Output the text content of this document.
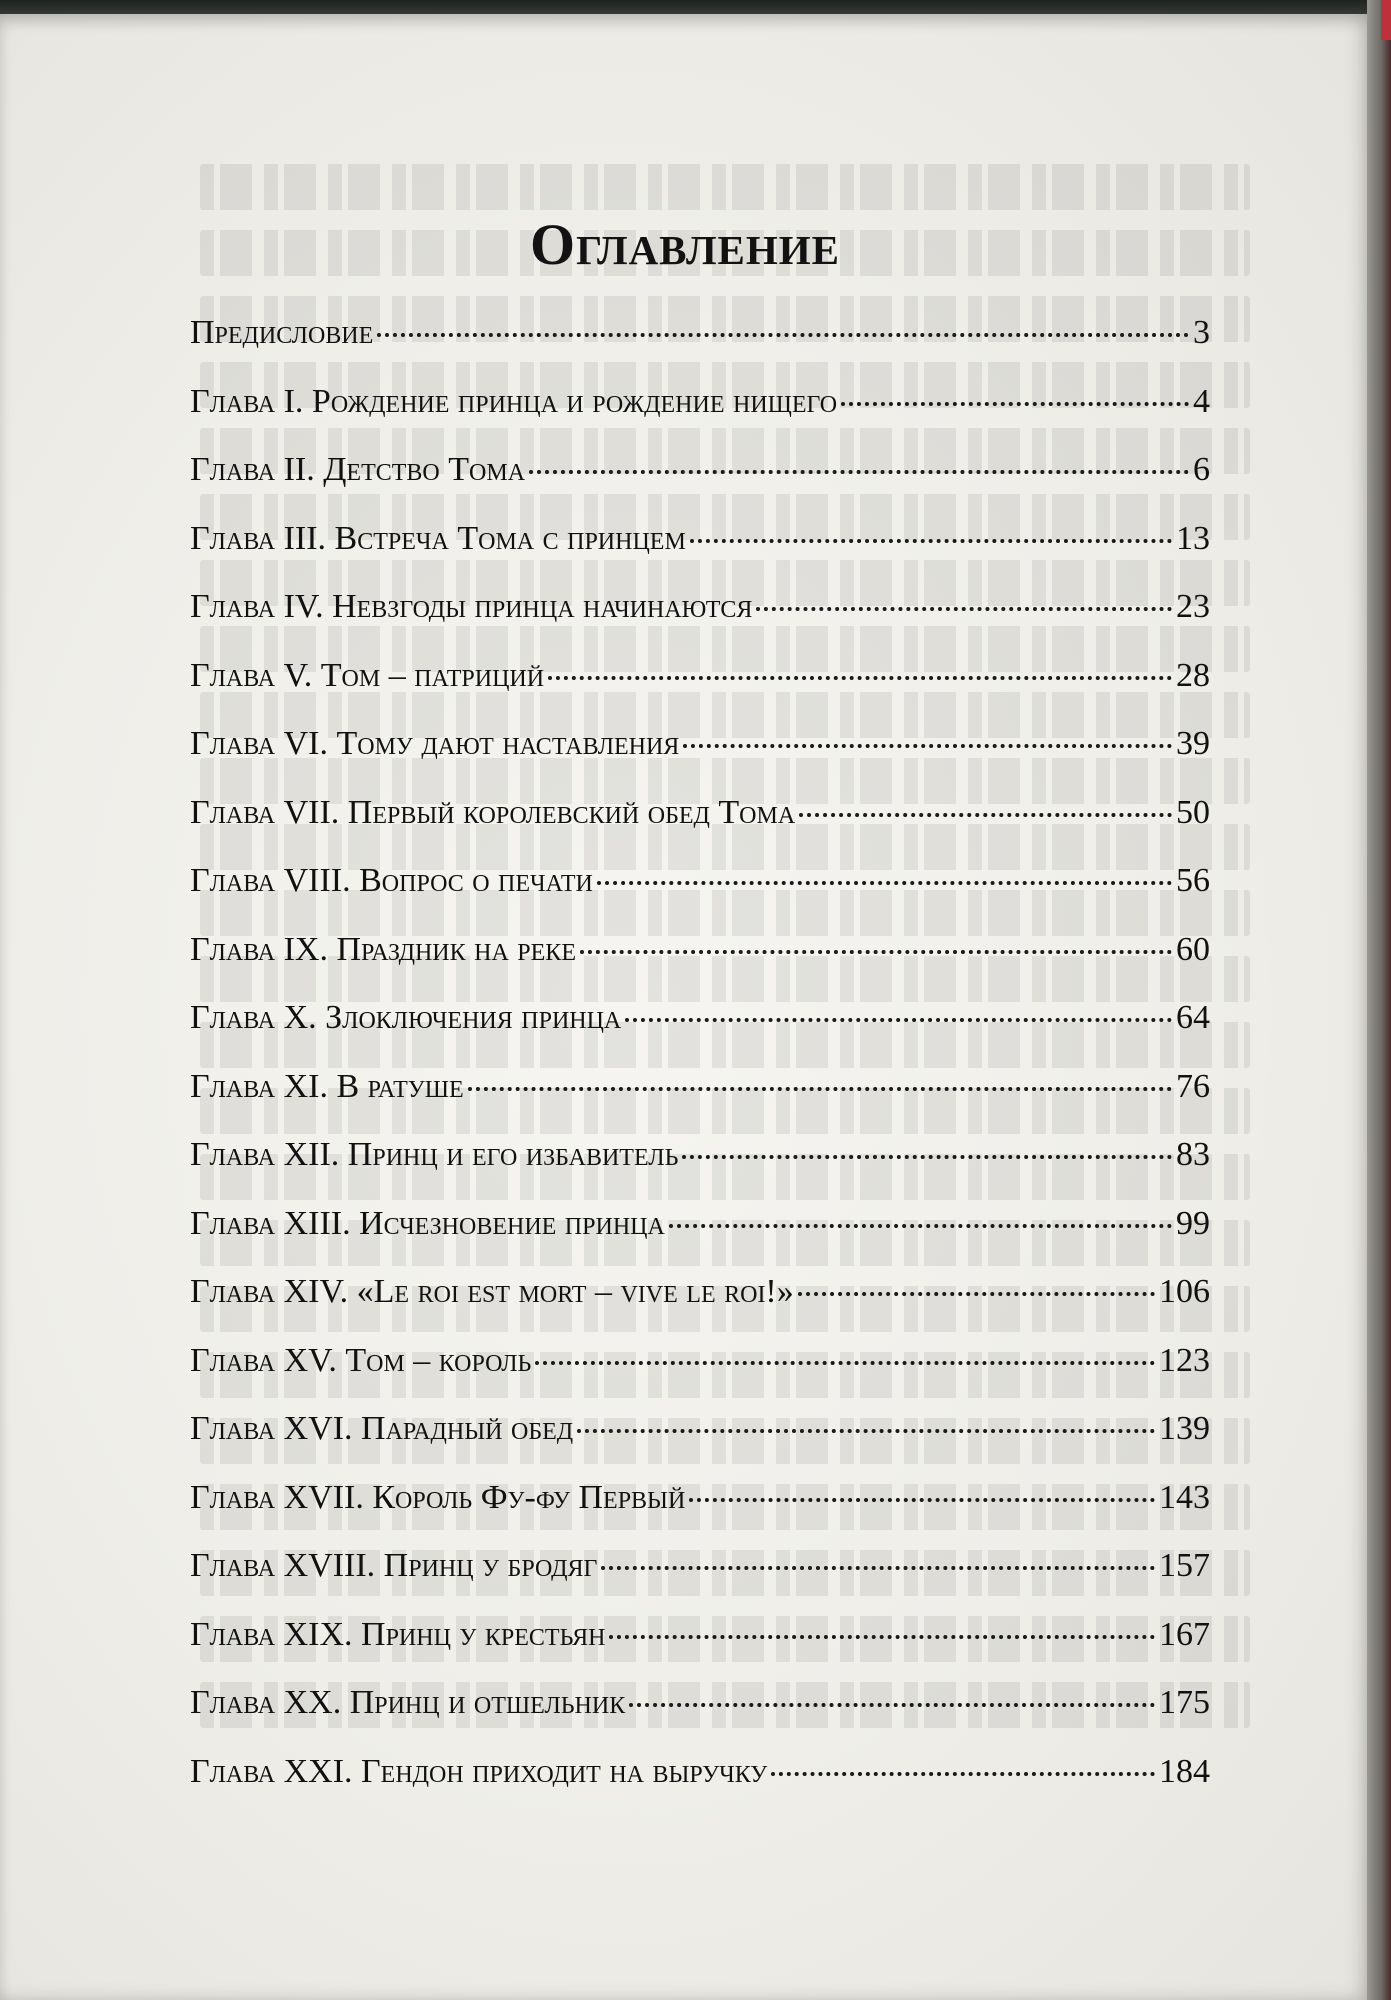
Оглавление
Предисловие	3
Глава I. Рождение принца и рождение нищего	4
Глава II. Детство Тома	6
Глава III. Встреча Тома с принцем	13
Глава IV. Невзгоды принца начинаются	23
Глава V. Том – патриций	28
Глава VI. Тому дают наставления	39
Глава VII. Первый королевский обед Тома	50
Глава VIII. Вопрос о печати	56
Глава IX. Праздник на реке	60
Глава X. Злоключения принца	64
Глава XI. В ратуше	76
Глава XII. Принц и его избавитель	83
Глава XIII. Исчезновение принца	99
Глава XIV. «Le roi est mort – vive le roi!»	106
Глава XV. Том – король	123
Глава XVI. Парадный обед	139
Глава XVII. Король Фу-фу Первый	143
Глава XVIII. Принц у бродяг	157
Глава XIX. Принц у крестьян	167
Глава XX. Принц и отшельник	175
Глава XXI. Гендон приходит на выручку	184
